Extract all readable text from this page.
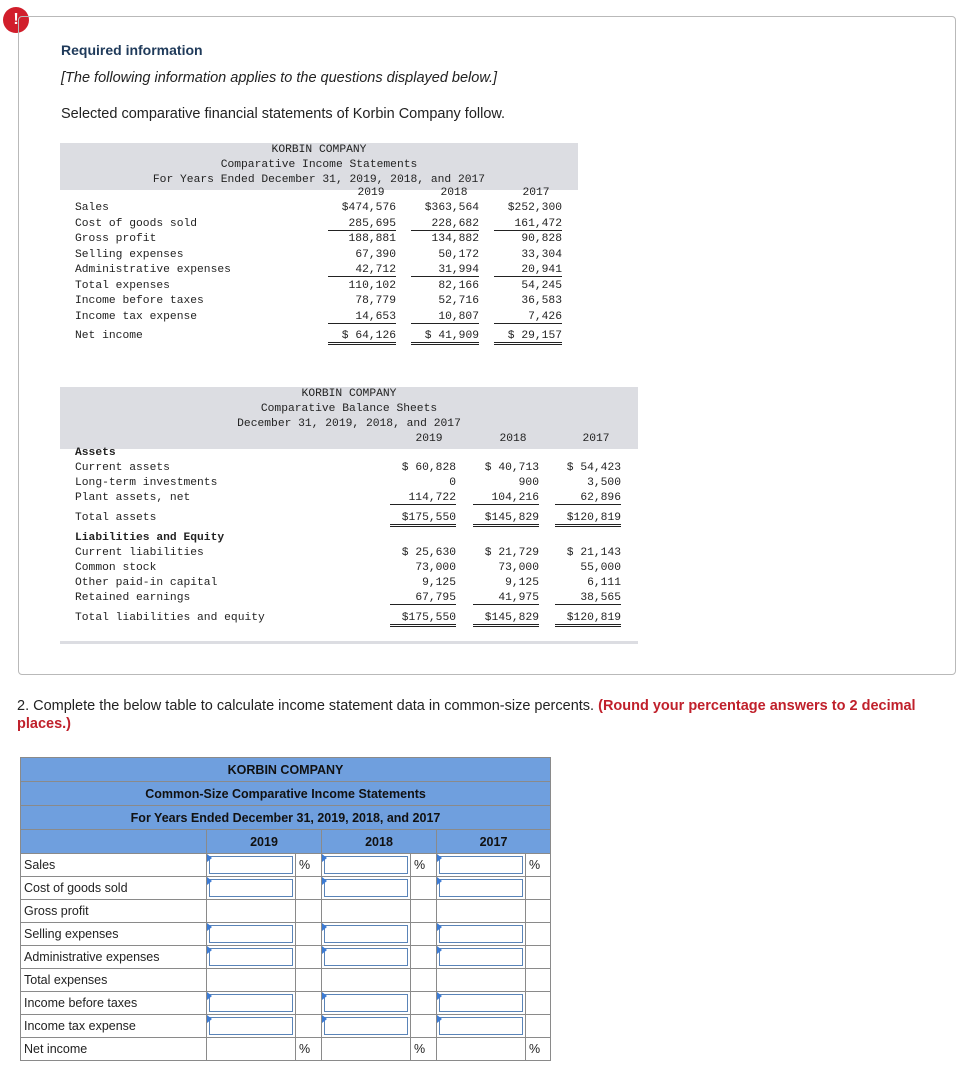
!
Required information
[The following information applies to the questions displayed below.]
Selected comparative financial statements of Korbin Company follow.
KORBIN COMPANY
Comparative Income Statements
For Years Ended December 31, 2019, 2018, and 2017
2019	2018	2017
Sales	$474,576	$363,564	$252,300
Cost of goods sold	285,695	228,682	161,472
Gross profit	188,881	134,882	90,828
Selling expenses	67,390	50,172	33,304
Administrative expenses	42,712	31,994	20,941
Total expenses	110,102	82,166	54,245
Income before taxes	78,779	52,716	36,583
Income tax expense	14,653	10,807	7,426
Net income	$ 64,126	$ 41,909	$ 29,157
KORBIN COMPANY
Comparative Balance Sheets
December 31, 2019, 2018, and 2017
2019	2018	2017
Assets
Liabilities and Equity
Current assets	$ 60,828	$ 40,713	$ 54,423
Long-term investments	0	900	3,500
Plant assets, net	114,722	104,216	62,896
Total assets	$175,550	$145,829	$120,819
Current liabilities	$ 25,630	$ 21,729	$ 21,143
Common stock	73,000	73,000	55,000
Other paid-in capital	9,125	9,125	6,111
Retained earnings	67,795	41,975	38,565
Total liabilities and equity	$175,550	$145,829	$120,819
2. Complete the below table to calculate income statement data in common-size percents. (Round your percentage answers to 2 decimal places.)
KORBIN COMPANY						
Common-Size Comparative Income Statements						
For Years Ended December 31, 2019, 2018, and 2017						
	2019		2018		2017	
Sales		%		%		%
Cost of goods sold	

Gross profit						
Selling expenses	

Administrative expenses	

Total expenses						
Income before taxes	

Income tax expense	

Net income		%		%		%
